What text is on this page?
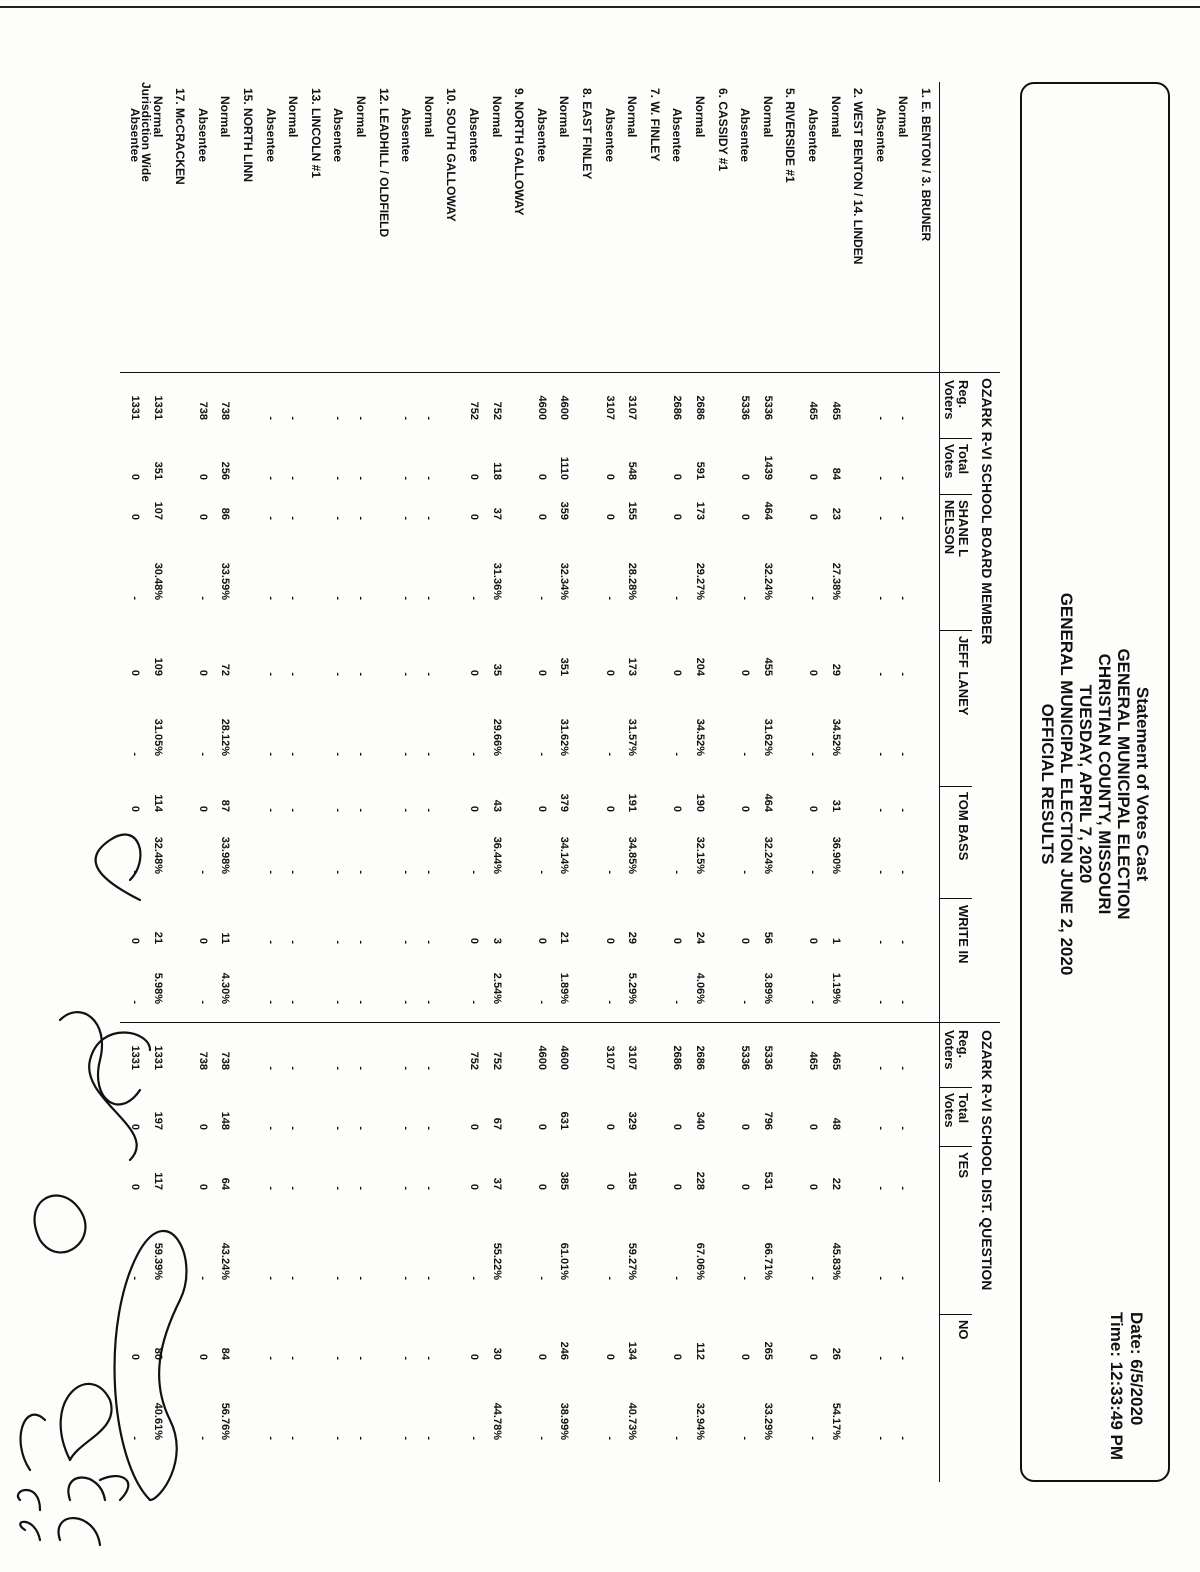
Statement of Votes Cast
GENERAL MUNICIPAL ELECTION
CHRISTIAN COUNTY, MISSOURI
TUESDAY, APRIL 7, 2020
GENERAL MUNICIPAL ELECTION JUNE 2, 2020
OFFICIAL RESULTS
Date: 6/5/2020
Time: 12:33:49 PM
OZARK R-VI SCHOOL BOARD MEMBER
OZARK R-VI SCHOOL DIST. QUESTION
Reg.
Voters
Total
Votes
SHANE L
NELSON
JEFF LANEY
TOM BASS
WRITE IN
Reg.
Voters
Total
Votes
YES
NO
Jurisdiction Wide	1. E. BENTON / 3. BRUNER
Normal
-
-
-
-
-
-
-
-
-
-
-
-
-
-
-
-
Absentee
-
-
-
-
-
-
-
-
-
-
-
-
-
-
-
-
2. WEST BENTON / 14. LINDEN
Normal
465
84
23
27.38%
29
34.52%
31
36.90%
1
1.19%
465
48
22
45.83%
26
54.17%
Absentee
465
0
0
-
0
-
0
-
0
-
465
0
0
-
0
-
5. RIVERSIDE #1
Normal
5336
1439
464
32.24%
455
31.62%
464
32.24%
56
3.89%
5336
796
531
66.71%
265
33.29%
Absentee
5336
0
0
-
0
-
0
-
0
-
5336
0
0
-
0
-
6. CASSIDY #1
Normal
2686
591
173
29.27%
204
34.52%
190
32.15%
24
4.06%
2686
340
228
67.06%
112
32.94%
Absentee
2686
0
0
-
0
-
0
-
0
-
2686
0
0
-
0
-
7. W. FINLEY
Normal
3107
548
155
28.28%
173
31.57%
191
34.85%
29
5.29%
3107
329
195
59.27%
134
40.73%
Absentee
3107
0
0
-
0
-
0
-
0
-
3107
0
0
-
0
-
8. EAST FINLEY
Normal
4600
1110
359
32.34%
351
31.62%
379
34.14%
21
1.89%
4600
631
385
61.01%
246
38.99%
Absentee
4600
0
0
-
0
-
0
-
0
-
4600
0
0
-
0
-
9. NORTH GALLOWAY
Normal
752
118
37
31.36%
35
29.66%
43
36.44%
3
2.54%
752
67
37
55.22%
30
44.78%
Absentee
752
0
0
-
0
-
0
-
0
-
752
0
0
-
0
-
10. SOUTH GALLOWAY
Normal
-
-
-
-
-
-
-
-
-
-
-
-
-
-
-
-
Absentee
-
-
-
-
-
-
-
-
-
-
-
-
-
-
-
-
12. LEADHILL / OLDFIELD
Normal
-
-
-
-
-
-
-
-
-
-
-
-
-
-
-
-
Absentee
-
-
-
-
-
-
-
-
-
-
-
-
-
-
-
-
13. LINCOLN #1
Normal
-
-
-
-
-
-
-
-
-
-
-
-
-
-
-
-
Absentee
-
-
-
-
-
-
-
-
-
-
-
-
-
-
-
-
15. NORTH LINN
Normal
738
256
86
33.59%
72
28.12%
87
33.98%
11
4.30%
738
148
64
43.24%
84
56.76%
Absentee
738
0
0
-
0
-
0
-
0
-
738
0
0
-
0
-
17. McCRACKEN
Normal
1331
351
107
30.48%
109
31.05%
114
32.48%
21
5.98%
1331
197
117
59.39%
80
40.61%
Absentee
1331
0
0
-
0
-
0
-
0
-
1331
0
0
-
0
-
